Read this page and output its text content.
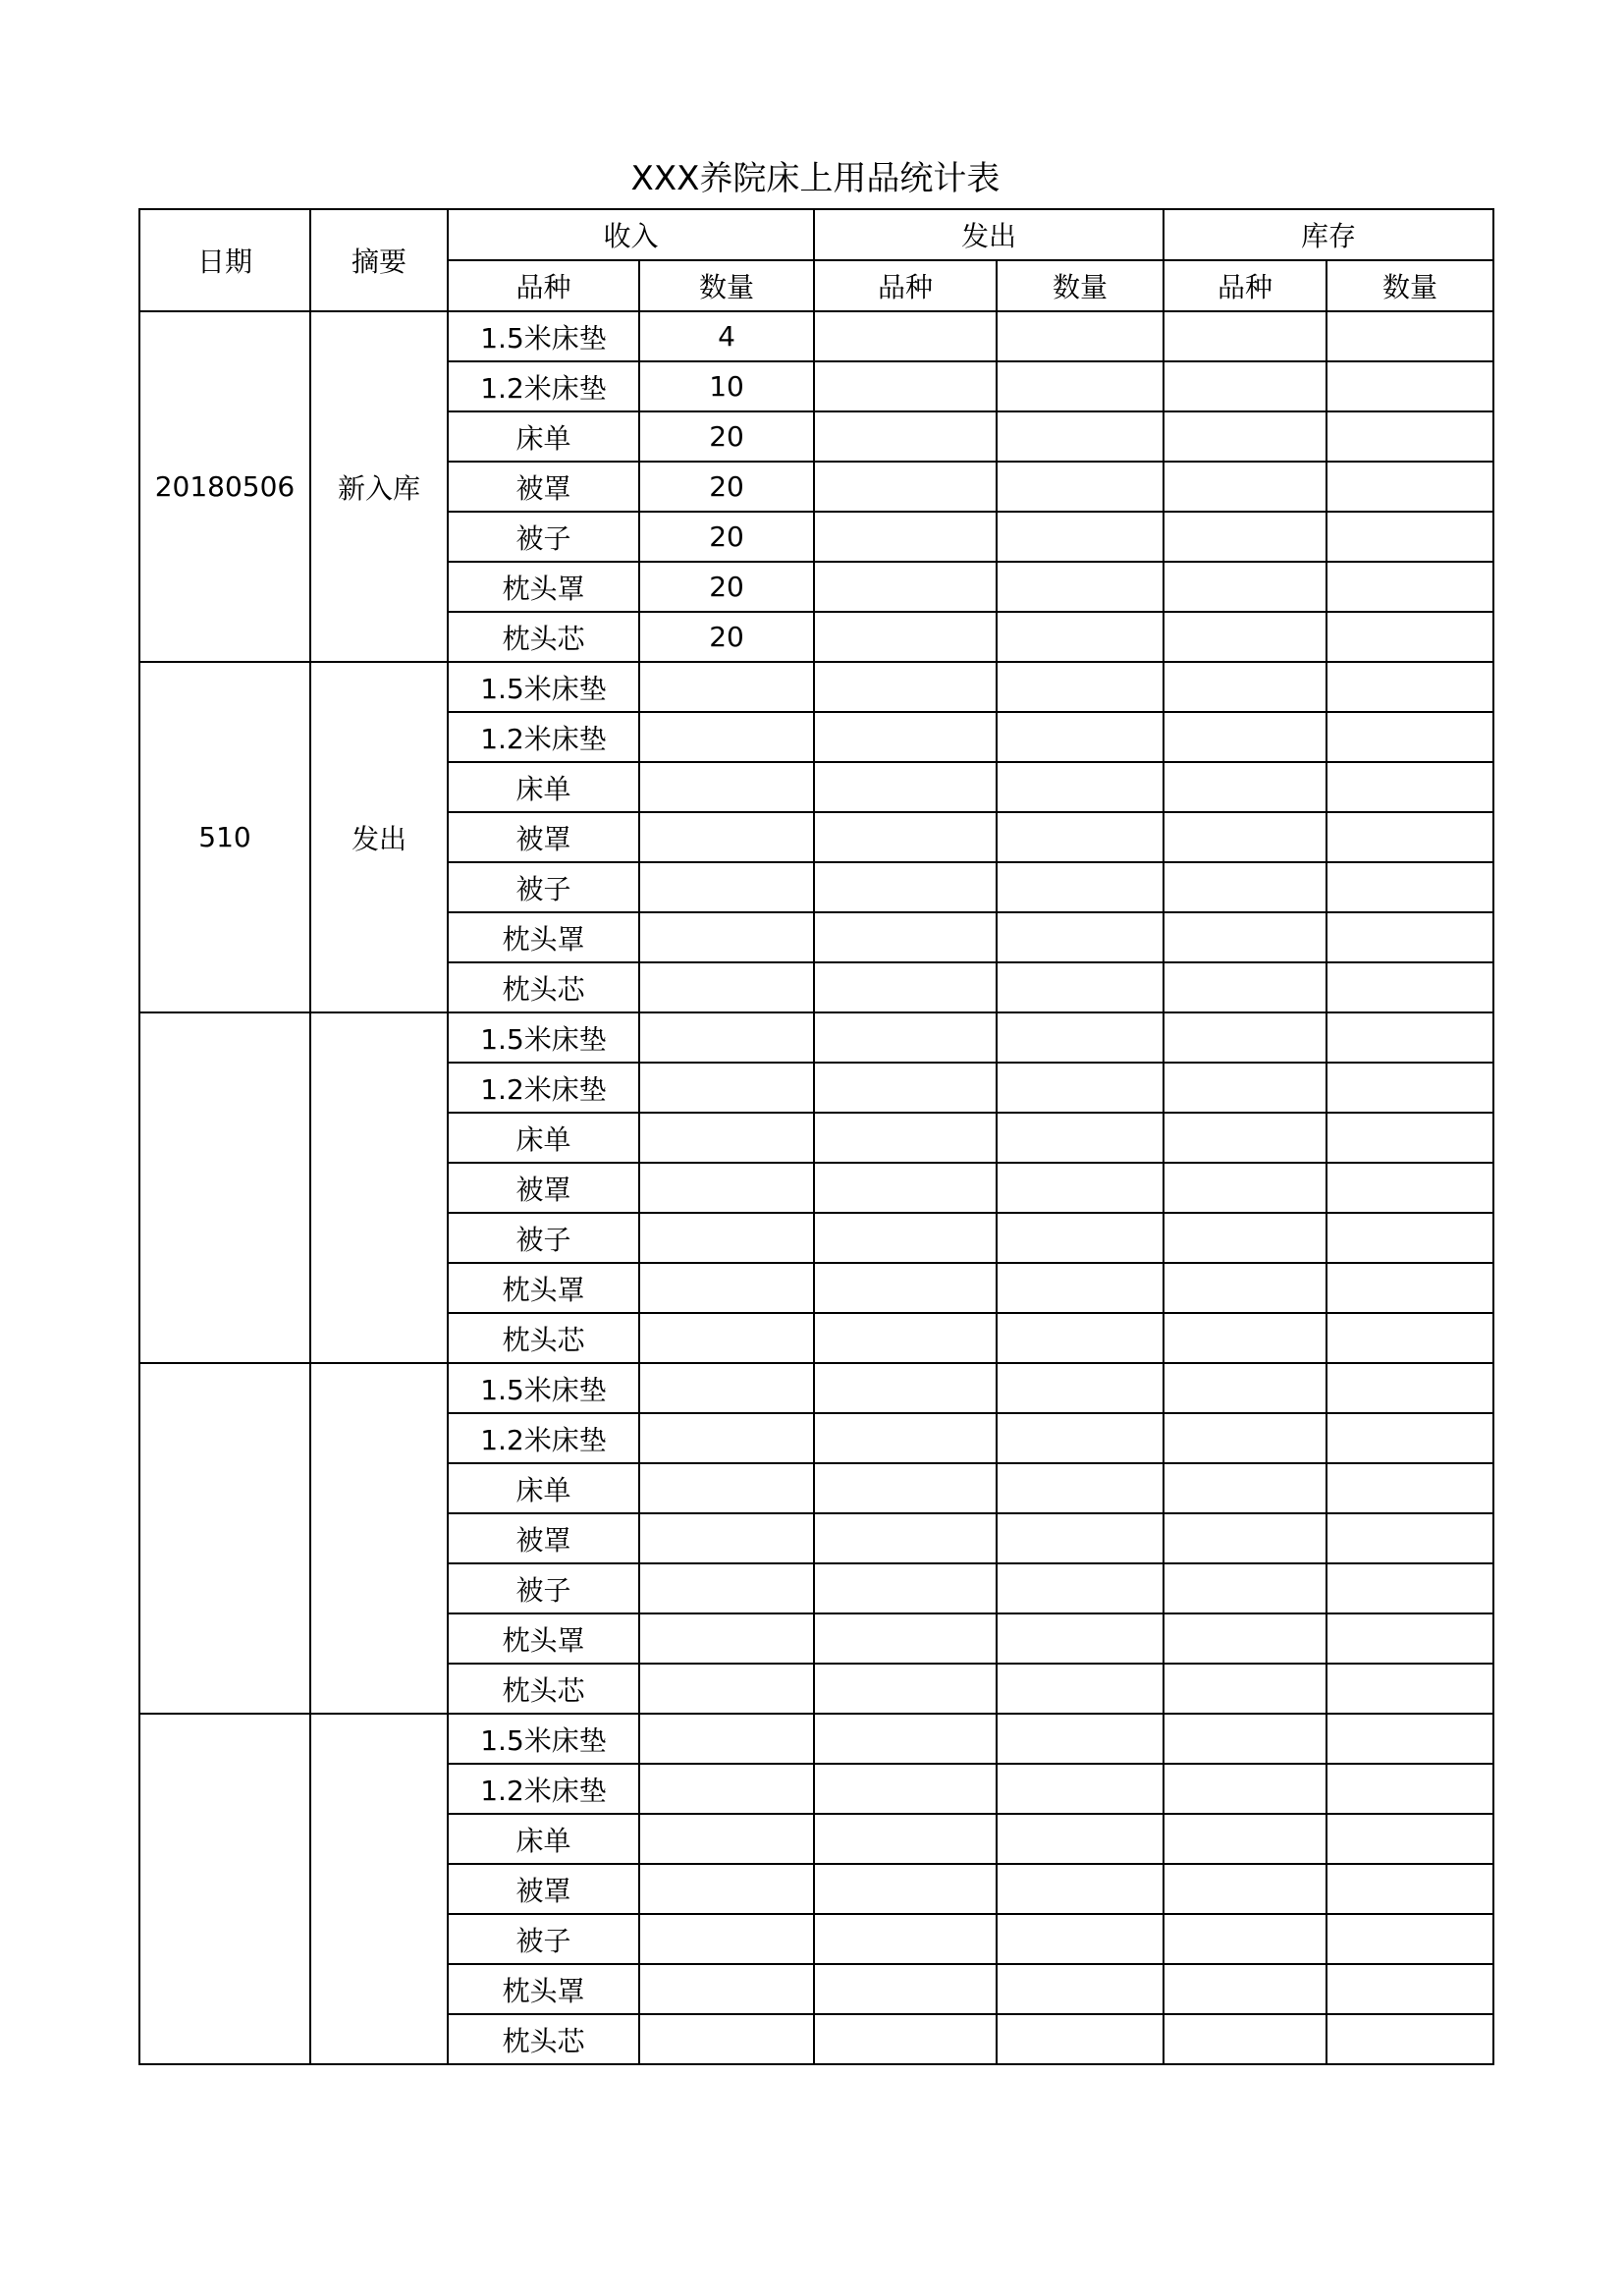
XXX养院床上用品统计表
日期	摘要	收入		发出		库存	
		品种	数量	品种	数量	品种	数量
20180506	新入库	1.5米床垫	4				
		1.2米床垫	10				
		床单	20				
		被罩	20				
		被子	20				
		枕头罩	20				
		枕头芯	20				
510	发出	1.5米床垫					
		1.2米床垫					
		床单					
		被罩					
		被子					
		枕头罩					
		枕头芯					
		1.5米床垫					
		1.2米床垫					
		床单					
		被罩					
		被子					
		枕头罩					
		枕头芯					
		1.5米床垫					
		1.2米床垫					
		床单					
		被罩					
		被子					
		枕头罩					
		枕头芯					
		1.5米床垫					
		1.2米床垫					
		床单					
		被罩					
		被子					
		枕头罩					
		枕头芯					
